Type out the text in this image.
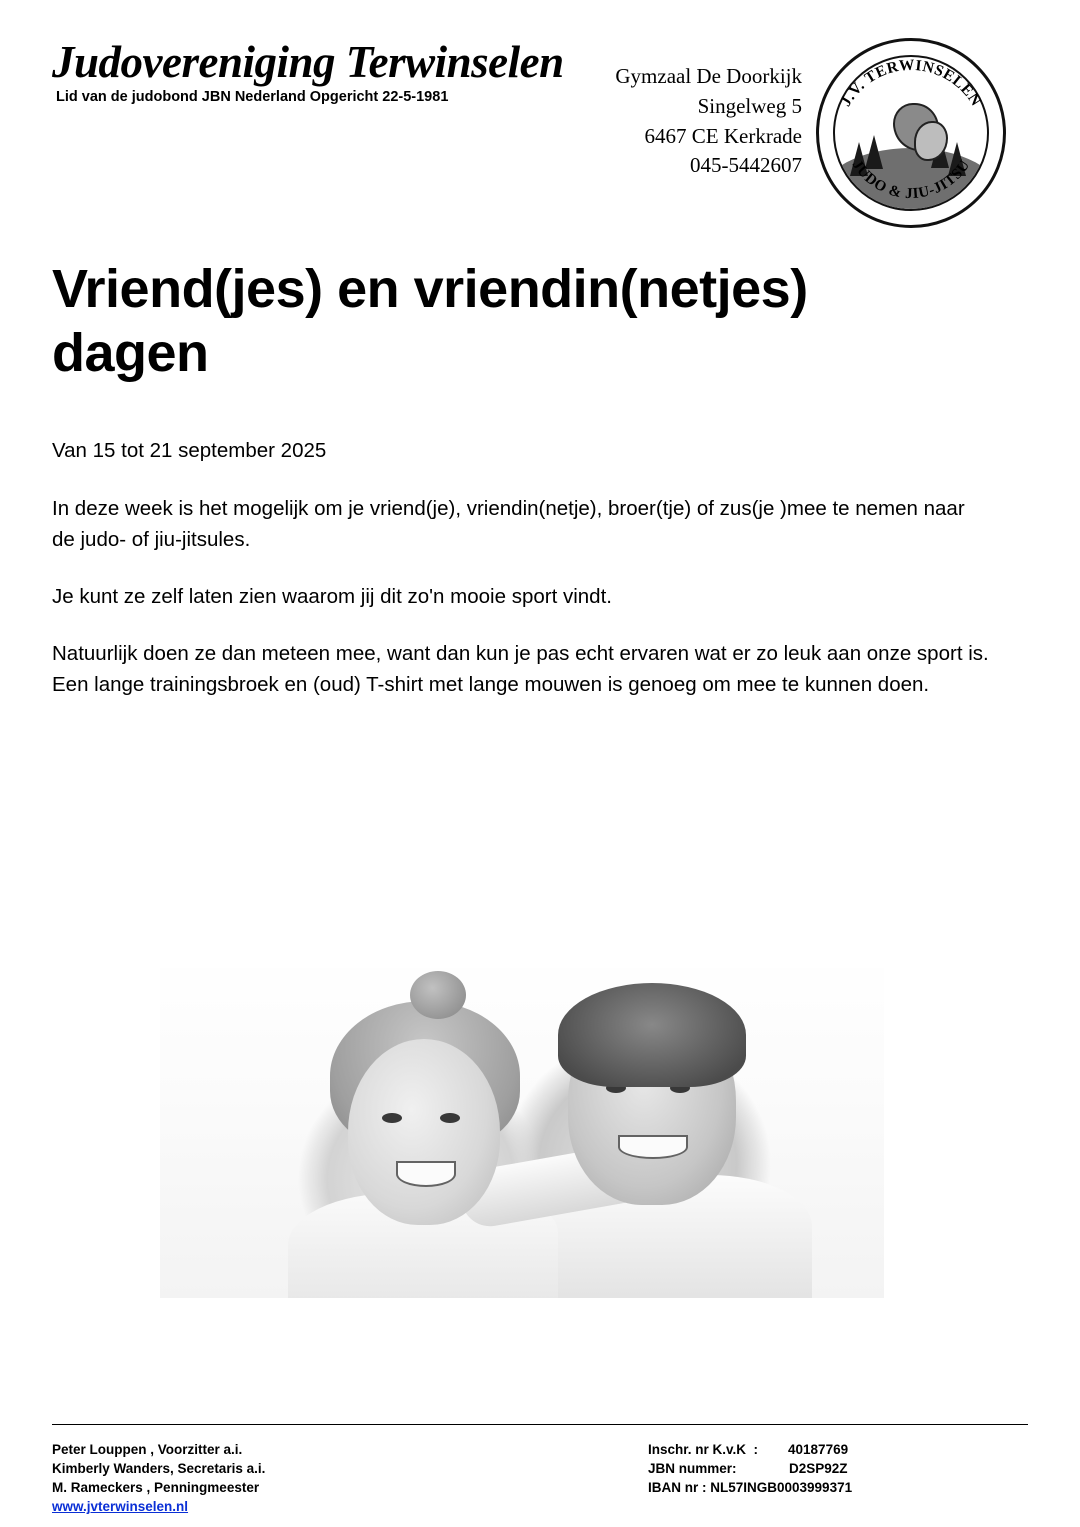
Judovereniging Terwinselen
Lid van de judobond JBN Nederland Opgericht 22-5-1981
Gymzaal De Doorkijk
Singelweg 5
6467 CE Kerkrade
045-5442607
J.V. TERWINSELEN
JUDO & JIU-JITSU
Vriend(jes) en vriendin(netjes) dagen

Van 15 tot 21 september 2025

In deze week is het mogelijk om je vriend(je), vriendin(netje), broer(tje) of zus(je )mee te nemen naar de judo- of jiu-jitsules.

Je kunt ze zelf laten zien waarom jij dit zo'n mooie sport vindt.

Natuurlijk doen ze dan meteen mee, want dan kun je pas echt ervaren wat er zo leuk aan onze sport is. Een lange trainingsbroek en (oud) T-shirt met lange mouwen is genoeg om mee te kunnen doen.

Peter Louppen , Voorzitter a.i.
Kimberly Wanders, Secretaris a.i.
M. Rameckers , Penningmeester
www.jvterwinselen.nl
Inschr. nr K.v.K  :        40187769
JBN nummer:              D2SP92Z
IBAN nr : NL57INGB0003999371
